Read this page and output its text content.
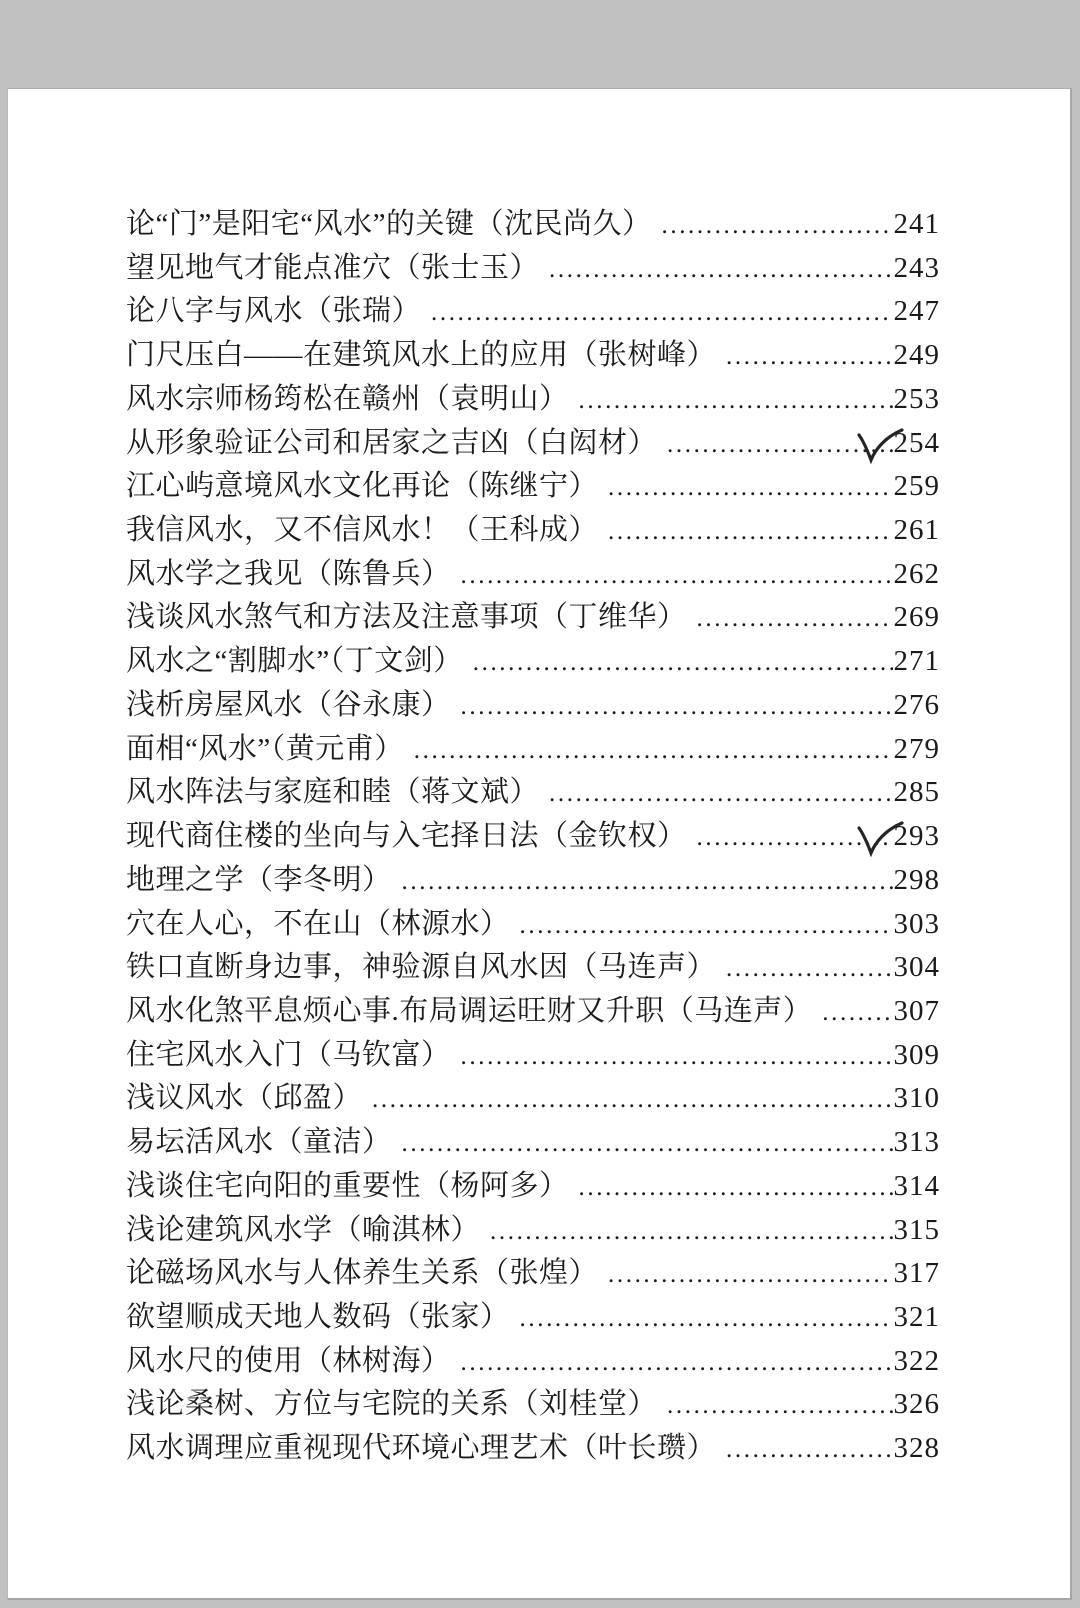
论“门”是阳宅“风水”的关键（沈民尚久） .....	241
望见地气才能点准穴（张士玉） .....	243
论八字与风水（张瑞） .....	247
门尺压白——在建筑风水上的应用（张树峰） .....	249
风水宗师杨筠松在赣州（袁明山） .....	253
从形象验证公司和居家之吉凶（白闳材） .....	254
江心屿意境风水文化再论（陈继宁） .....	259
我信风水，又不信风水！（王科成） .....	261
风水学之我见（陈鲁兵） .....	262
浅谈风水煞气和方法及注意事项（丁维华） .....	269
风水之“割脚水”（丁文剑） .....	271
浅析房屋风水（谷永康） .....	276
面相“风水”（黄元甫） .....	279
风水阵法与家庭和睦（蒋文斌） .....	285
现代商住楼的坐向与入宅择日法（金钦权） .....	293
地理之学（李冬明） .....	298
穴在人心，不在山（林源水） .....	303
铁口直断身边事，神验源自风水因（马连声） .....	304
风水化煞平息烦心事.布局调运旺财又升职（马连声） .....	307
住宅风水入门（马钦富） .....	309
浅议风水（邱盈） .....	310
易坛活风水（童洁） .....	313
浅谈住宅向阳的重要性（杨阿多） .....	314
浅论建筑风水学（喻淇林） .....	315
论磁场风水与人体养生关系（张煌） .....	317
欲望顺成天地人数码（张家） .....	321
风水尺的使用（林树海） .....	322
浅论桑树、方位与宅院的关系（刘桂堂） .....	326
风水调理应重视现代环境心理艺术（叶长瓒） .....	328
